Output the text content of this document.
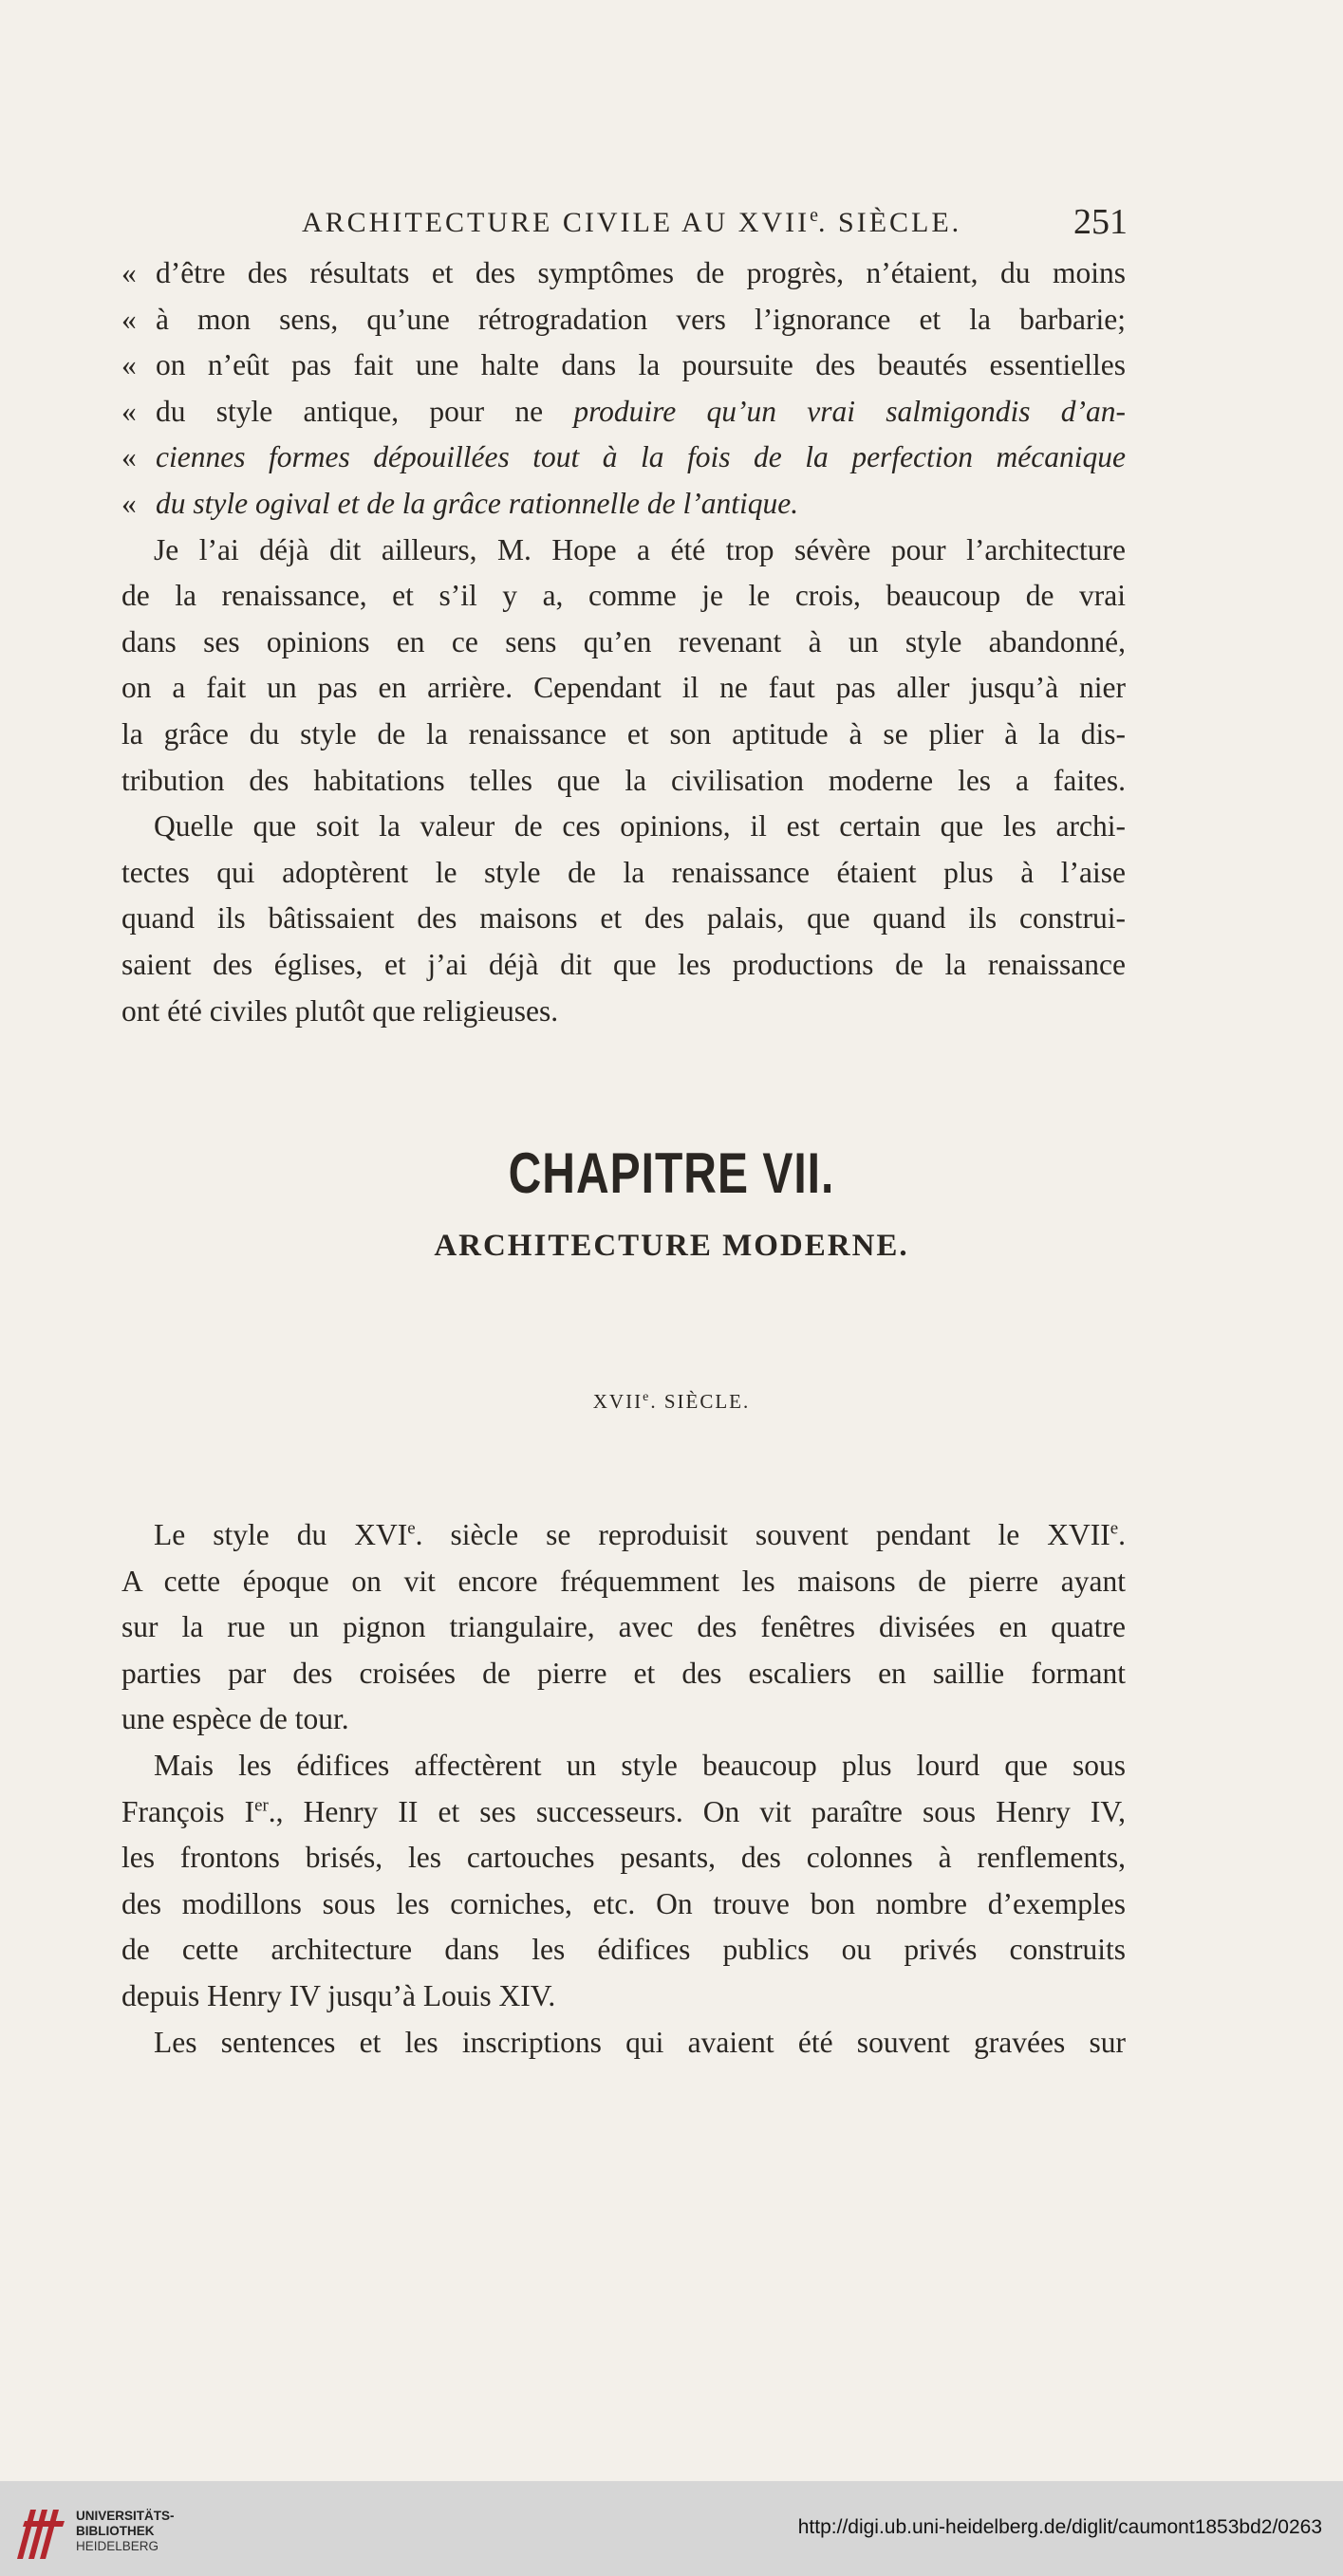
ARCHITECTURE CIVILE AU XVIIe. SIÈCLE.	251
« d’être des résultats et des symptômes de progrès, n’étaient, du moins
« à mon sens, qu’une rétrogradation vers l’ignorance et la barbarie;
« on n’eût pas fait une halte dans la poursuite des beautés essentielles
« du style antique, pour ne produire qu’un vrai salmigondis d’an-
« ciennes formes dépouillées tout à la fois de la perfection mécanique
« du style ogival et de la grâce rationnelle de l’antique.
Je l’ai déjà dit ailleurs, M. Hope a été trop sévère pour l’architecture
de la renaissance, et s’il y a, comme je le crois, beaucoup de vrai
dans ses opinions en ce sens qu’en revenant à un style abandonné,
on a fait un pas en arrière. Cependant il ne faut pas aller jusqu’à nier
la grâce du style de la renaissance et son aptitude à se plier à la dis-
tribution des habitations telles que la civilisation moderne les a faites.
Quelle que soit la valeur de ces opinions, il est certain que les archi-
tectes qui adoptèrent le style de la renaissance étaient plus à l’aise
quand ils bâtissaient des maisons et des palais, que quand ils construi-
saient des églises, et j’ai déjà dit que les productions de la renaissance
ont été civiles plutôt que religieuses.
CHAPITRE VII.
ARCHITECTURE MODERNE.
XVIIe. SIÈCLE.
Le style du XVIe. siècle se reproduisit souvent pendant le XVIIe.
A cette époque on vit encore fréquemment les maisons de pierre ayant
sur la rue un pignon triangulaire, avec des fenêtres divisées en quatre
parties par des croisées de pierre et des escaliers en saillie formant
une espèce de tour.
Mais les édifices affectèrent un style beaucoup plus lourd que sous
François Ier., Henry II et ses successeurs. On vit paraître sous Henry IV,
les frontons brisés, les cartouches pesants, des colonnes à renflements,
des modillons sous les corniches, etc. On trouve bon nombre d’exemples
de cette architecture dans les édifices publics ou privés construits
depuis Henry IV jusqu’à Louis XIV.
Les sentences et les inscriptions qui avaient été souvent gravées sur
UNIVERSITÄTS-
BIBLIOTHEK
HEIDELBERG
http://digi.ub.uni-heidelberg.de/diglit/caumont1853bd2/0263
